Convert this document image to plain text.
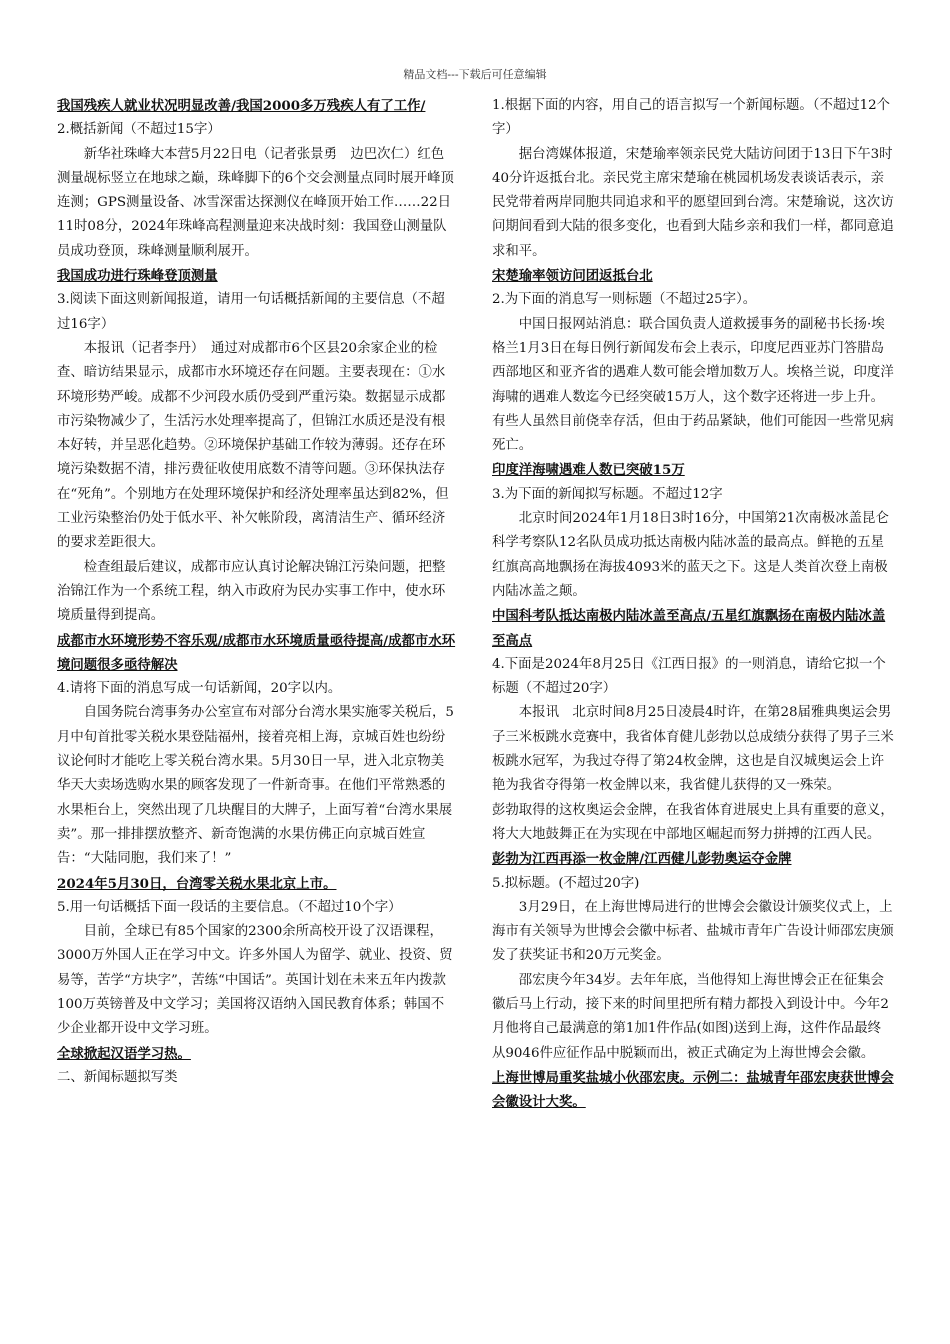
精品文档---下载后可任意编辑

我国残疾人就业状况明显改善/我国2000多万残疾人有了工作/

2.概括新闻（不超过15字）

新华社珠峰大本营5月22日电（记者张景勇　边巴次仁）红色测量觇标竖立在地球之巅，珠峰脚下的6个交会测量点同时展开峰顶连测；GPS测量设备、冰雪深雷达探测仪在峰顶开始工作……22日11时08分，2024年珠峰高程测量迎来决战时刻：我国登山测量队员成功登顶，珠峰测量顺利展开。

我国成功进行珠峰登顶测量

3.阅读下面这则新闻报道，请用一句话概括新闻的主要信息（不超过16字）

本报讯（记者李丹）　通过对成都市6个区县20余家企业的检查、暗访结果显示，成都市水环境还存在问题。主要表现在：①水环境形势严峻。成都不少河段水质仍受到严重污染。数据显示成都市污染物减少了，生活污水处理率提高了，但锦江水质还是没有根本好转，并呈恶化趋势。②环境保护基础工作较为薄弱。还存在环境污染数据不清，排污费征收使用底数不清等问题。③环保执法存在“死角”。个别地方在处理环境保护和经济处理率虽达到82%，但工业污染整治仍处于低水平、补欠帐阶段，离清洁生产、循环经济的要求差距很大。

检查组最后建议，成都市应认真讨论解决锦江污染问题，把整治锦江作为一个系统工程，纳入市政府为民办实事工作中，使水环境质量得到提高。

成都市水环境形势不容乐观/成都市水环境质量亟待提高/成都市水环境问题很多亟待解决

4.请将下面的消息写成一句话新闻，20字以内。

自国务院台湾事务办公室宣布对部分台湾水果实施零关税后，5月中旬首批零关税水果登陆福州，接着亮相上海，京城百姓也纷纷议论何时才能吃上零关税台湾水果。5月30日一早，进入北京物美华天大卖场选购水果的顾客发现了一件新奇事。在他们平常熟悉的水果柜台上，突然出现了几块醒目的大牌子，上面写着“台湾水果展卖”。那一排排摆放整齐、新奇饱满的水果仿佛正向京城百姓宣告：“大陆同胞，我们来了！”

2024年5月30日，台湾零关税水果北京上市。

5.用一句话概括下面一段话的主要信息。（不超过10个字）

目前，全球已有85个国家的2300余所高校开设了汉语课程，3000万外国人正在学习中文。许多外国人为留学、就业、投资、贸易等，苦学“方块字”，苦练“中国话”。英国计划在未来五年内拨款100万英镑普及中文学习；美国将汉语纳入国民教育体系；韩国不少企业都开设中文学习班。

全球掀起汉语学习热。

二、新闻标题拟写类

1.根据下面的内容，用自己的语言拟写一个新闻标题。（不超过12个字）

据台湾媒体报道，宋楚瑜率领亲民党大陆访问团于13日下午3时40分许返抵台北。亲民党主席宋楚瑜在桃园机场发表谈话表示，亲民党带着两岸同胞共同追求和平的愿望回到台湾。宋楚瑜说，这次访问期间看到大陆的很多变化，也看到大陆乡亲和我们一样，都同意追求和平。

宋楚瑜率领访问团返抵台北

2.为下面的消息写一则标题（不超过25字）。

中国日报网站消息：联合国负责人道救援事务的副秘书长扬·埃格兰1月3日在每日例行新闻发布会上表示，印度尼西亚苏门答腊岛西部地区和亚齐省的遇难人数可能会增加数万人。埃格兰说，印度洋海啸的遇难人数迄今已经突破15万人，这个数字还将进一步上升。有些人虽然目前侥幸存活，但由于药品紧缺，他们可能因一些常见病死亡。

印度洋海啸遇难人数已突破15万

3.为下面的新闻拟写标题。不超过12字

北京时间2024年1月18日3时16分，中国第21次南极冰盖昆仑科学考察队12名队员成功抵达南极内陆冰盖的最高点。鲜艳的五星红旗高高地飘扬在海拔4093米的蓝天之下。这是人类首次登上南极内陆冰盖之颠。

中国科考队抵达南极内陆冰盖至高点/五星红旗飘扬在南极内陆冰盖至高点

4.下面是2024年8月25日《江西日报》的一则消息，请给它拟一个标题（不超过20字）

本报讯　北京时间8月25日凌晨4时许，在第28届雅典奥运会男子三米板跳水竞赛中，我省体育健儿彭勃以总成绩分获得了男子三米板跳水冠军，为我过夺得了第24枚金牌，这也是自汉城奥运会上许艳为我省夺得第一枚金牌以来，我省健儿获得的又一殊荣。

彭勃取得的这枚奥运会金牌，在我省体育进展史上具有重要的意义，将大大地鼓舞正在为实现在中部地区崛起而努力拼搏的江西人民。

彭勃为江西再添一枚金牌/江西健儿彭勃奥运夺金牌

5.拟标题。(不超过20字)

3月29日，在上海世博局进行的世博会会徽设计颁奖仪式上，上海市有关领导为世博会会徽中标者、盐城市青年广告设计师邵宏庚颁发了获奖证书和20万元奖金。

邵宏庚今年34岁。去年年底，当他得知上海世博会正在征集会徽后马上行动，接下来的时间里把所有精力都投入到设计中。今年2月他将自己最满意的第1加1件作品(如图)送到上海，这件作品最终从9046件应征作品中脱颖而出，被正式确定为上海世博会会徽。

上海世博局重奖盐城小伙邵宏庚。示例二：盐城青年邵宏庚获世博会会徽设计大奖。
